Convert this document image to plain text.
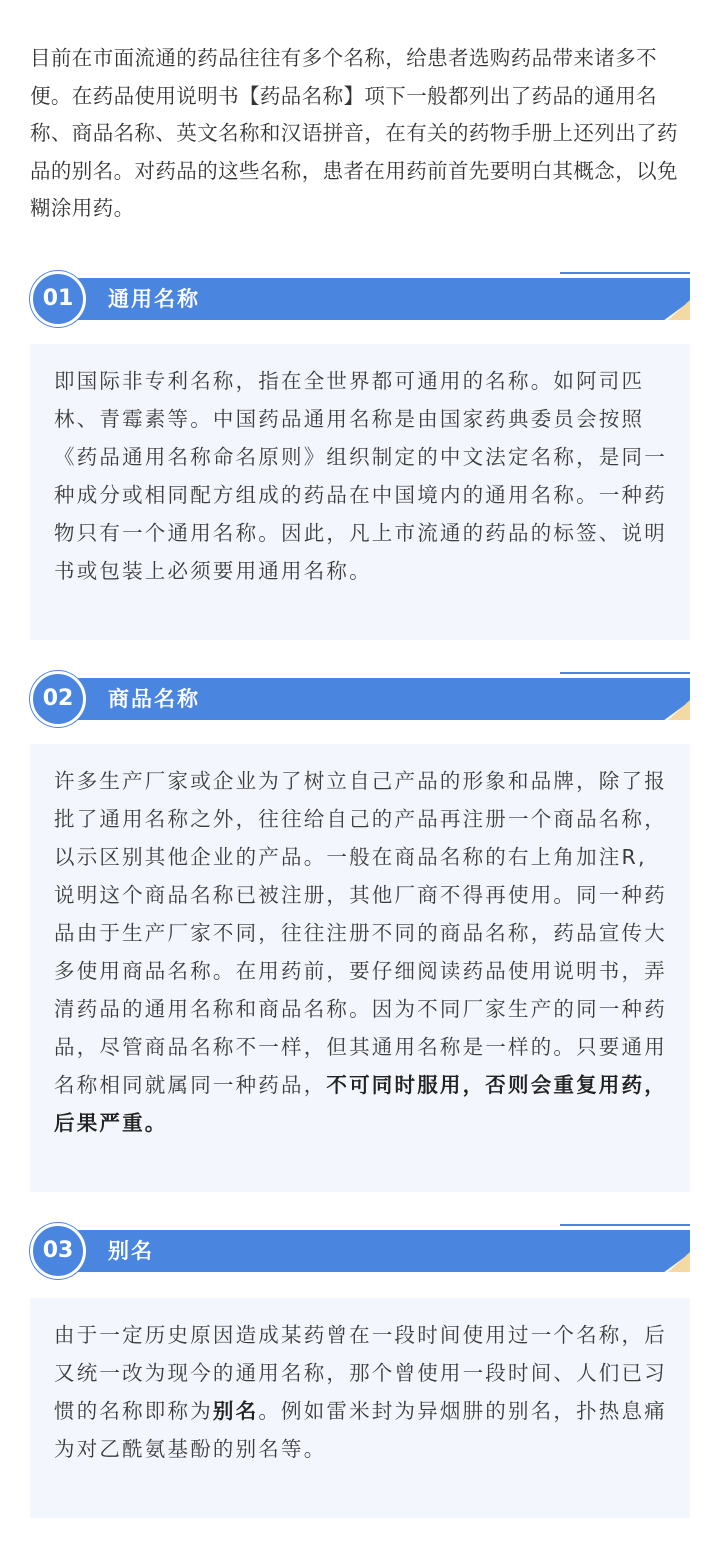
目前在市面流通的药品往往有多个名称，给患者选购药品带来诸多不便。在药品使用说明书【药品名称】项下一般都列出了药品的通用名称、商品名称、英文名称和汉语拼音，在有关的药物手册上还列出了药品的别名。对药品的这些名称，患者在用药前首先要明白其概念，以免糊涂用药。

01	通用名称

即国际非专利名称，指在全世界都可通用的名称。如阿司匹林、青霉素等。中国药品通用名称是由国家药典委员会按照《药品通用名称命名原则》组织制定的中文法定名称，是同一种成分或相同配方组成的药品在中国境内的通用名称。一种药物只有一个通用名称。因此，凡上市流通的药品的标签、说明书或包装上必须要用通用名称。

02	商品名称

许多生产厂家或企业为了树立自己产品的形象和品牌，除了报批了通用名称之外，往往给自己的产品再注册一个商品名称，以示区别其他企业的产品。一般在商品名称的右上角加注R,说明这个商品名称已被注册，其他厂商不得再使用。同一种药品由于生产厂家不同，往往注册不同的商品名称，药品宣传大多使用商品名称。在用药前，要仔细阅读药品使用说明书，弄清药品的通用名称和商品名称。因为不同厂家生产的同一种药品，尽管商品名称不一样，但其通用名称是一样的。只要通用名称相同就属同一种药品，不可同时服用，否则会重复用药，后果严重。

03	别名

由于一定历史原因造成某药曾在一段时间使用过一个名称，后又统一改为现今的通用名称，那个曾使用一段时间、人们已习惯的名称即称为别名。例如雷米封为异烟肼的别名，扑热息痛为对乙酰氨基酚的别名等。
